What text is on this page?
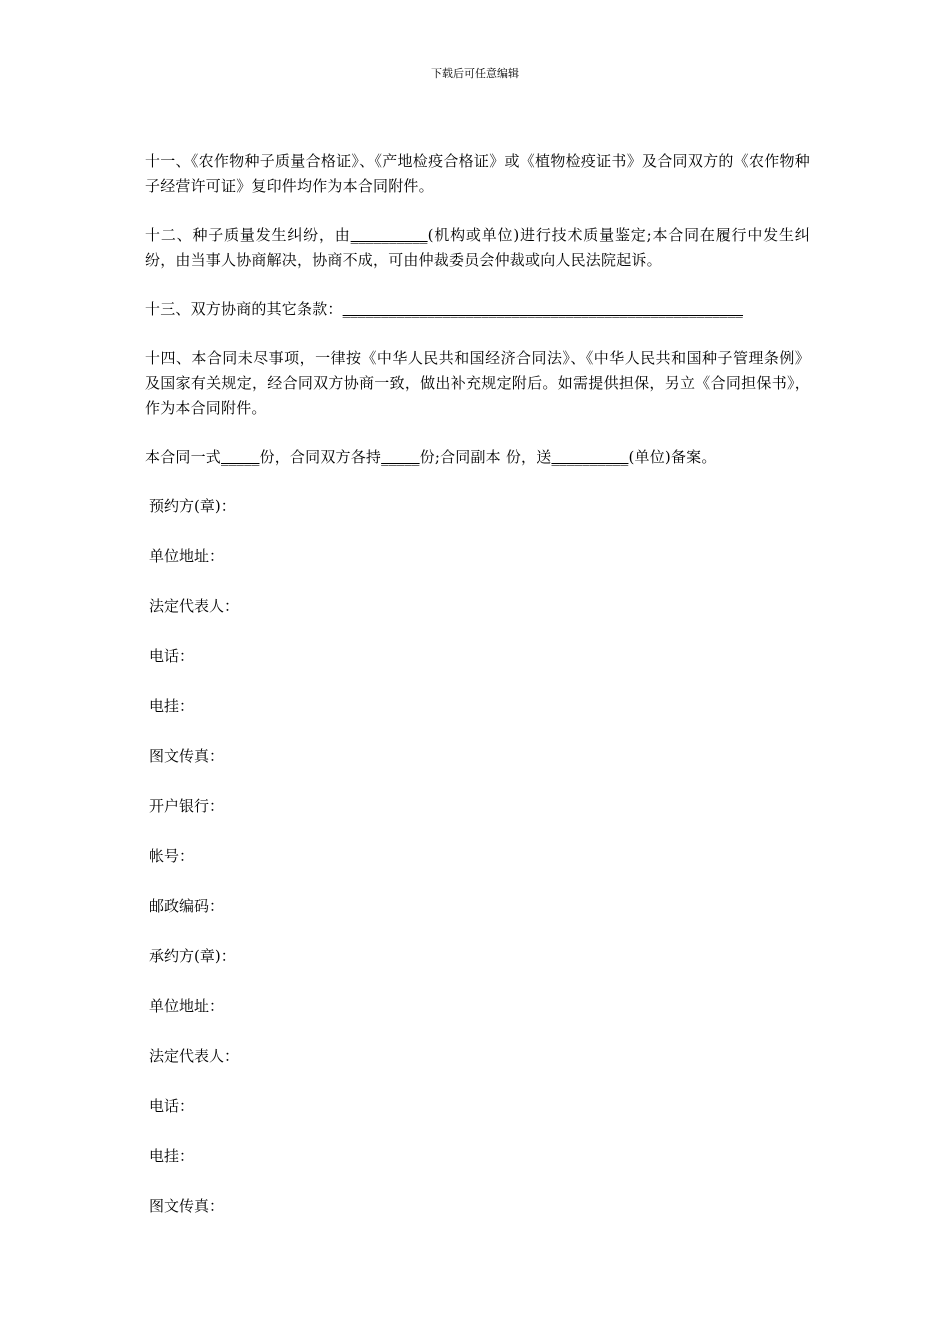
下载后可任意编辑

十一、《农作物种子质量合格证》、《产地检疫合格证》或《植物检疫证书》及合同双方的《农作物种子经营许可证》复印件均作为本合同附件。

十二、种子质量发生纠纷，由__________(机构或单位)进行技术质量鉴定;本合同在履行中发生纠纷，由当事人协商解决，协商不成，可由仲裁委员会仲裁或向人民法院起诉。

十三、双方协商的其它条款：____________________________________________________

十四、本合同未尽事项，一律按《中华人民共和国经济合同法》、《中华人民共和国种子管理条例》及国家有关规定，经合同双方协商一致，做出补充规定附后。如需提供担保，另立《合同担保书》，作为本合同附件。

本合同一式_____份，合同双方各持_____份;合同副本 份，送__________(单位)备案。

预约方(章)：
单位地址：
法定代表人：
电话：
电挂：
图文传真：
开户银行：
帐号：
邮政编码：
承约方(章)：
单位地址：
法定代表人：
电话：
电挂：
图文传真：
